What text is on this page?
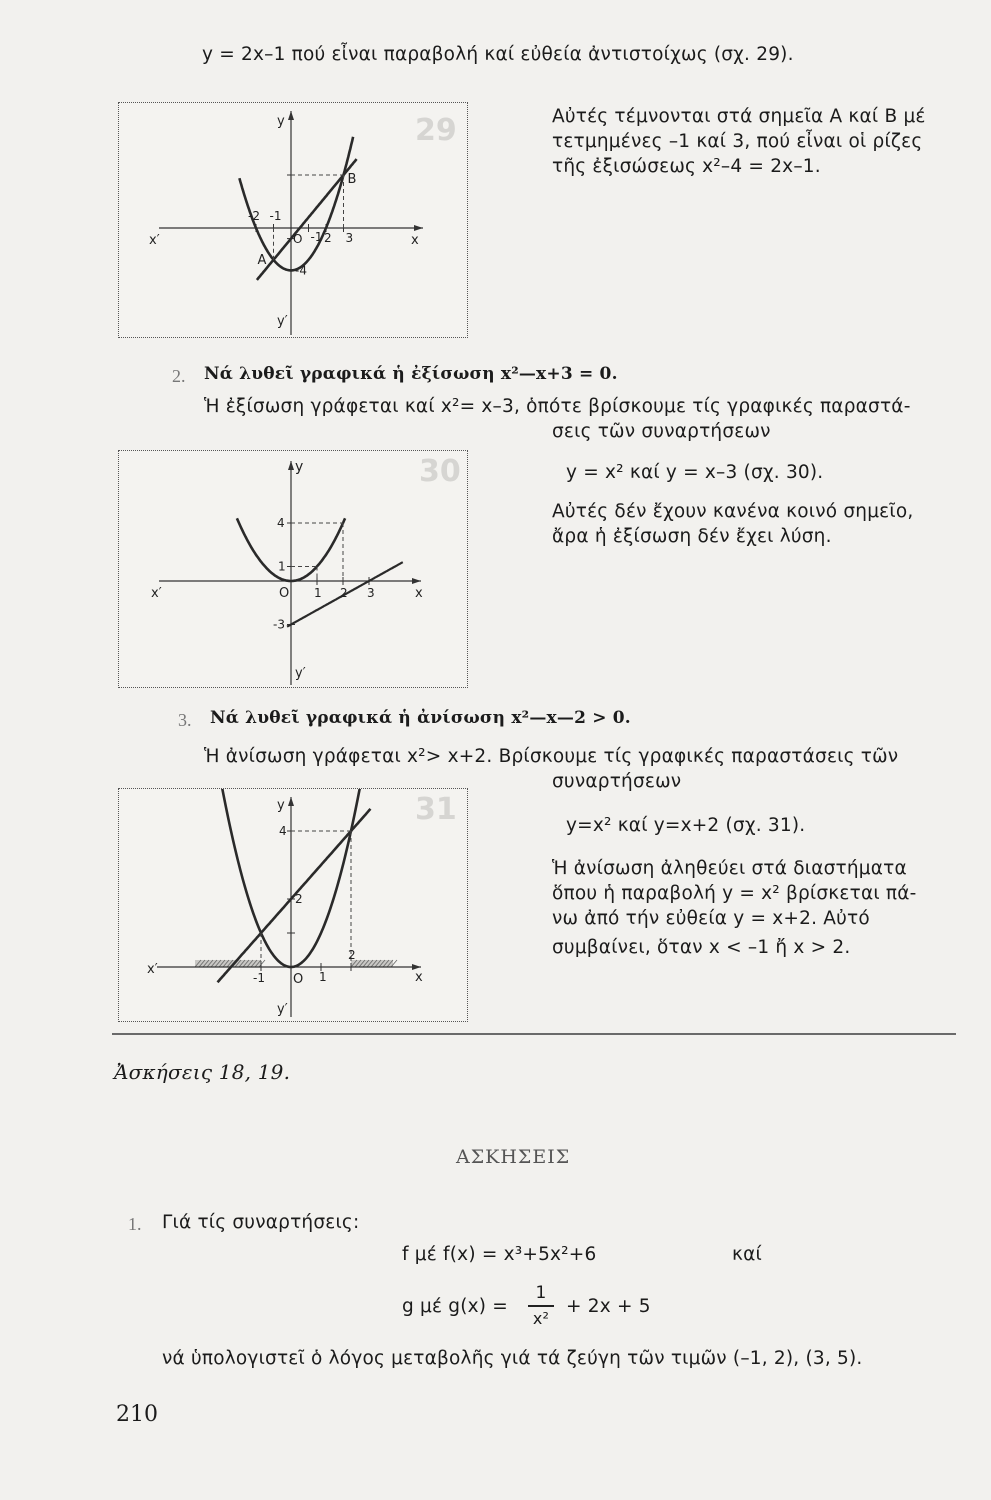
y = 2x–1 πού εἶναι παραβολή καί εὐθεία ἀντιστοίχως (σχ. 29).
29
y
x
x′
y′
B
A
-2 -1
O -1 2 3
-4
Αὐτές τέμνονται στά σημεῖα Α καί Β μέ
τετμημένες –1 καί 3, πού εἶναι οἱ ρίζες
τῆς ἐξισώσεως x²–4 = 2x–1.
2. Νά λυθεῖ γραφικά ἡ ἐξίσωση x²—x+3 = 0.
Ἡ ἐξίσωση γράφεται καί x²= x–3, ὁπότε βρίσκουμε τίς γραφικές παραστά-
σεις τῶν συναρτήσεων
30
y
4
1
x
x′	O 1 2 3
-3
y′
y = x² καί y = x–3 (σχ. 30).
Αὐτές δέν ἔχουν κανένα κοινό σημεῖο,
ἄρα ἡ ἐξίσωση δέν ἔχει λύση.
3. Νά λυθεῖ γραφικά ἡ ἀνίσωση x²—x—2 > 0.
Ἡ ἀνίσωση γράφεται x²> x+2. Βρίσκουμε τίς γραφικές παραστάσεις τῶν
συναρτήσεων
31
y
4
2
x
x′
-1 O 1
2
y′
y=x² καί y=x+2 (σχ. 31).
Ἡ ἀνίσωση ἀληθεύει στά διαστήματα
ὅπου ἡ παραβολή y = x² βρίσκεται πά-
νω ἀπό τήν εὐθεία y = x+2. Αὐτό
συμβαίνει, ὅταν x < –1 ἤ x > 2.
Ἀσκήσεις 18, 19.
ΑΣΚΗΣΕΙΣ
1. Γιά τίς συναρτήσεις:
f μέ f(x) = x³+5x²+6	καί
g μέ g(x) =
1
x²
+ 2x + 5
νά ὑπολογιστεῖ ὁ λόγος μεταβολῆς γιά τά ζεύγη τῶν τιμῶν (–1, 2), (3, 5).
210
